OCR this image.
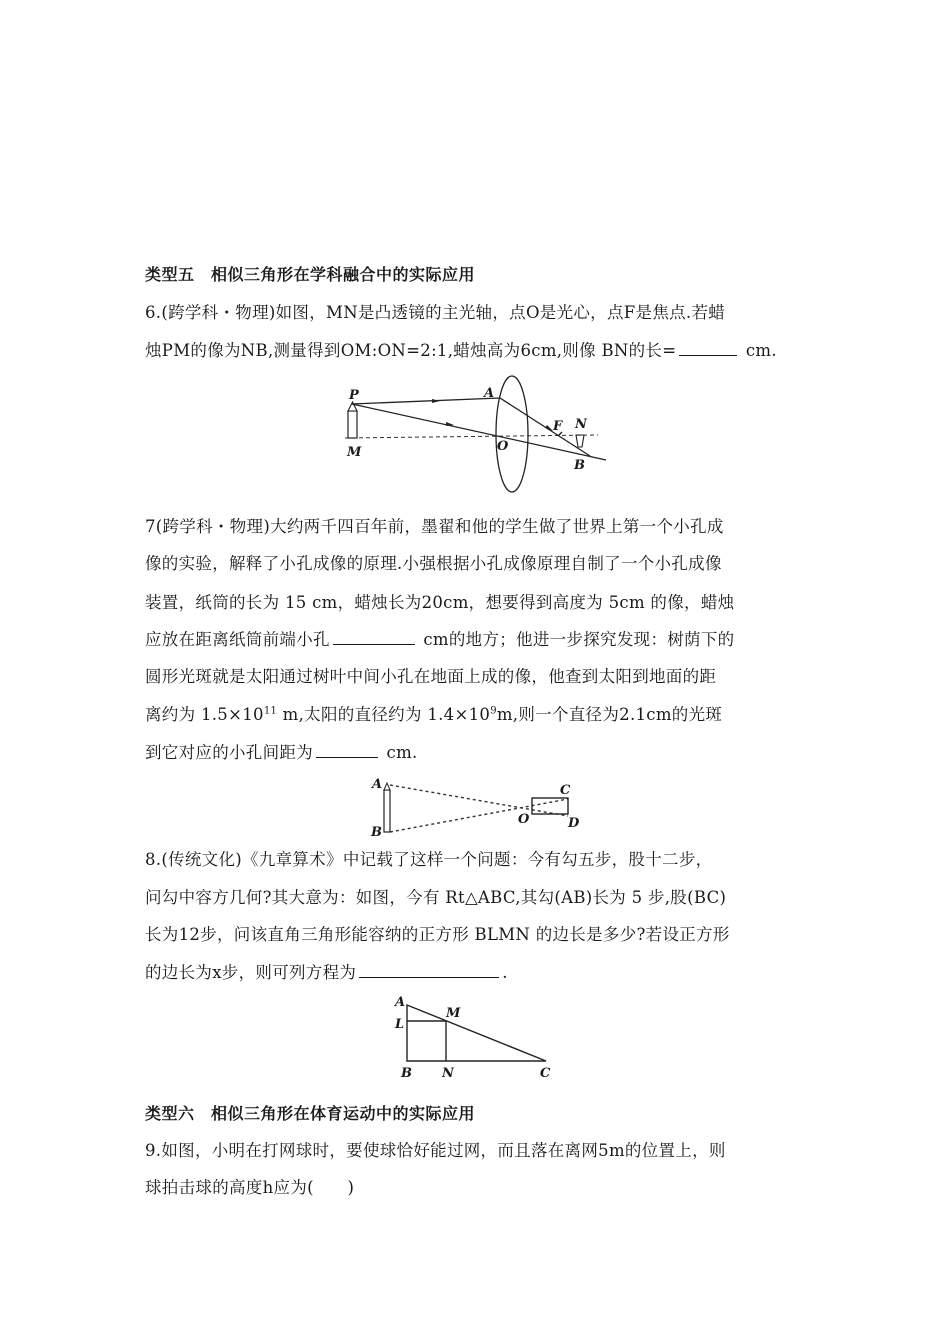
类型五　相似三角形在学科融合中的实际应用
6.(跨学科・物理)如图，MN是凸透镜的主光轴，点O是光心，点F是焦点.若蜡
烛PM的像为NB,测量得到OM:ON=2:1,蜡烛高为6cm,则像 BN的长=	cm.
P
M
A
O
F N
B
7(跨学科・物理)大约两千四百年前，墨翟和他的学生做了世界上第一个小孔成
像的实验，解释了小孔成像的原理.小强根据小孔成像原理自制了一个小孔成像
装置，纸筒的长为 15 cm，蜡烛长为20cm，想要得到高度为 5cm 的像，蜡烛
应放在距离纸筒前端小孔	cm的地方；他进一步探究发现：树荫下的
圆形光斑就是太阳通过树叶中间小孔在地面上成的像，他查到太阳到地面的距
离约为 $1.5\times 10^{11}$ m,太阳的直径约为 $1.4\times 10^9m$,则一个直径为2.1cm的光斑
到它对应的小孔间距为	cm.
A
B
O
C
D
8.(传统文化)《九章算术》中记载了这样一个问题：今有勾五步，股十二步，
问勾中容方几何?其大意为：如图，今有 Rt△ABC,其勾(AB)长为 5 步,股(BC)
长为12步，问该直角三角形能容纳的正方形 BLMN 的边长是多少?若设正方形
的边长为x步，则可列方程为	.
A
L
M
B N	C
类型六　相似三角形在体育运动中的实际应用
9.如图，小明在打网球时，要使球恰好能过网，而且落在离网5m的位置上，则
球拍击球的高度h应为(　　)
